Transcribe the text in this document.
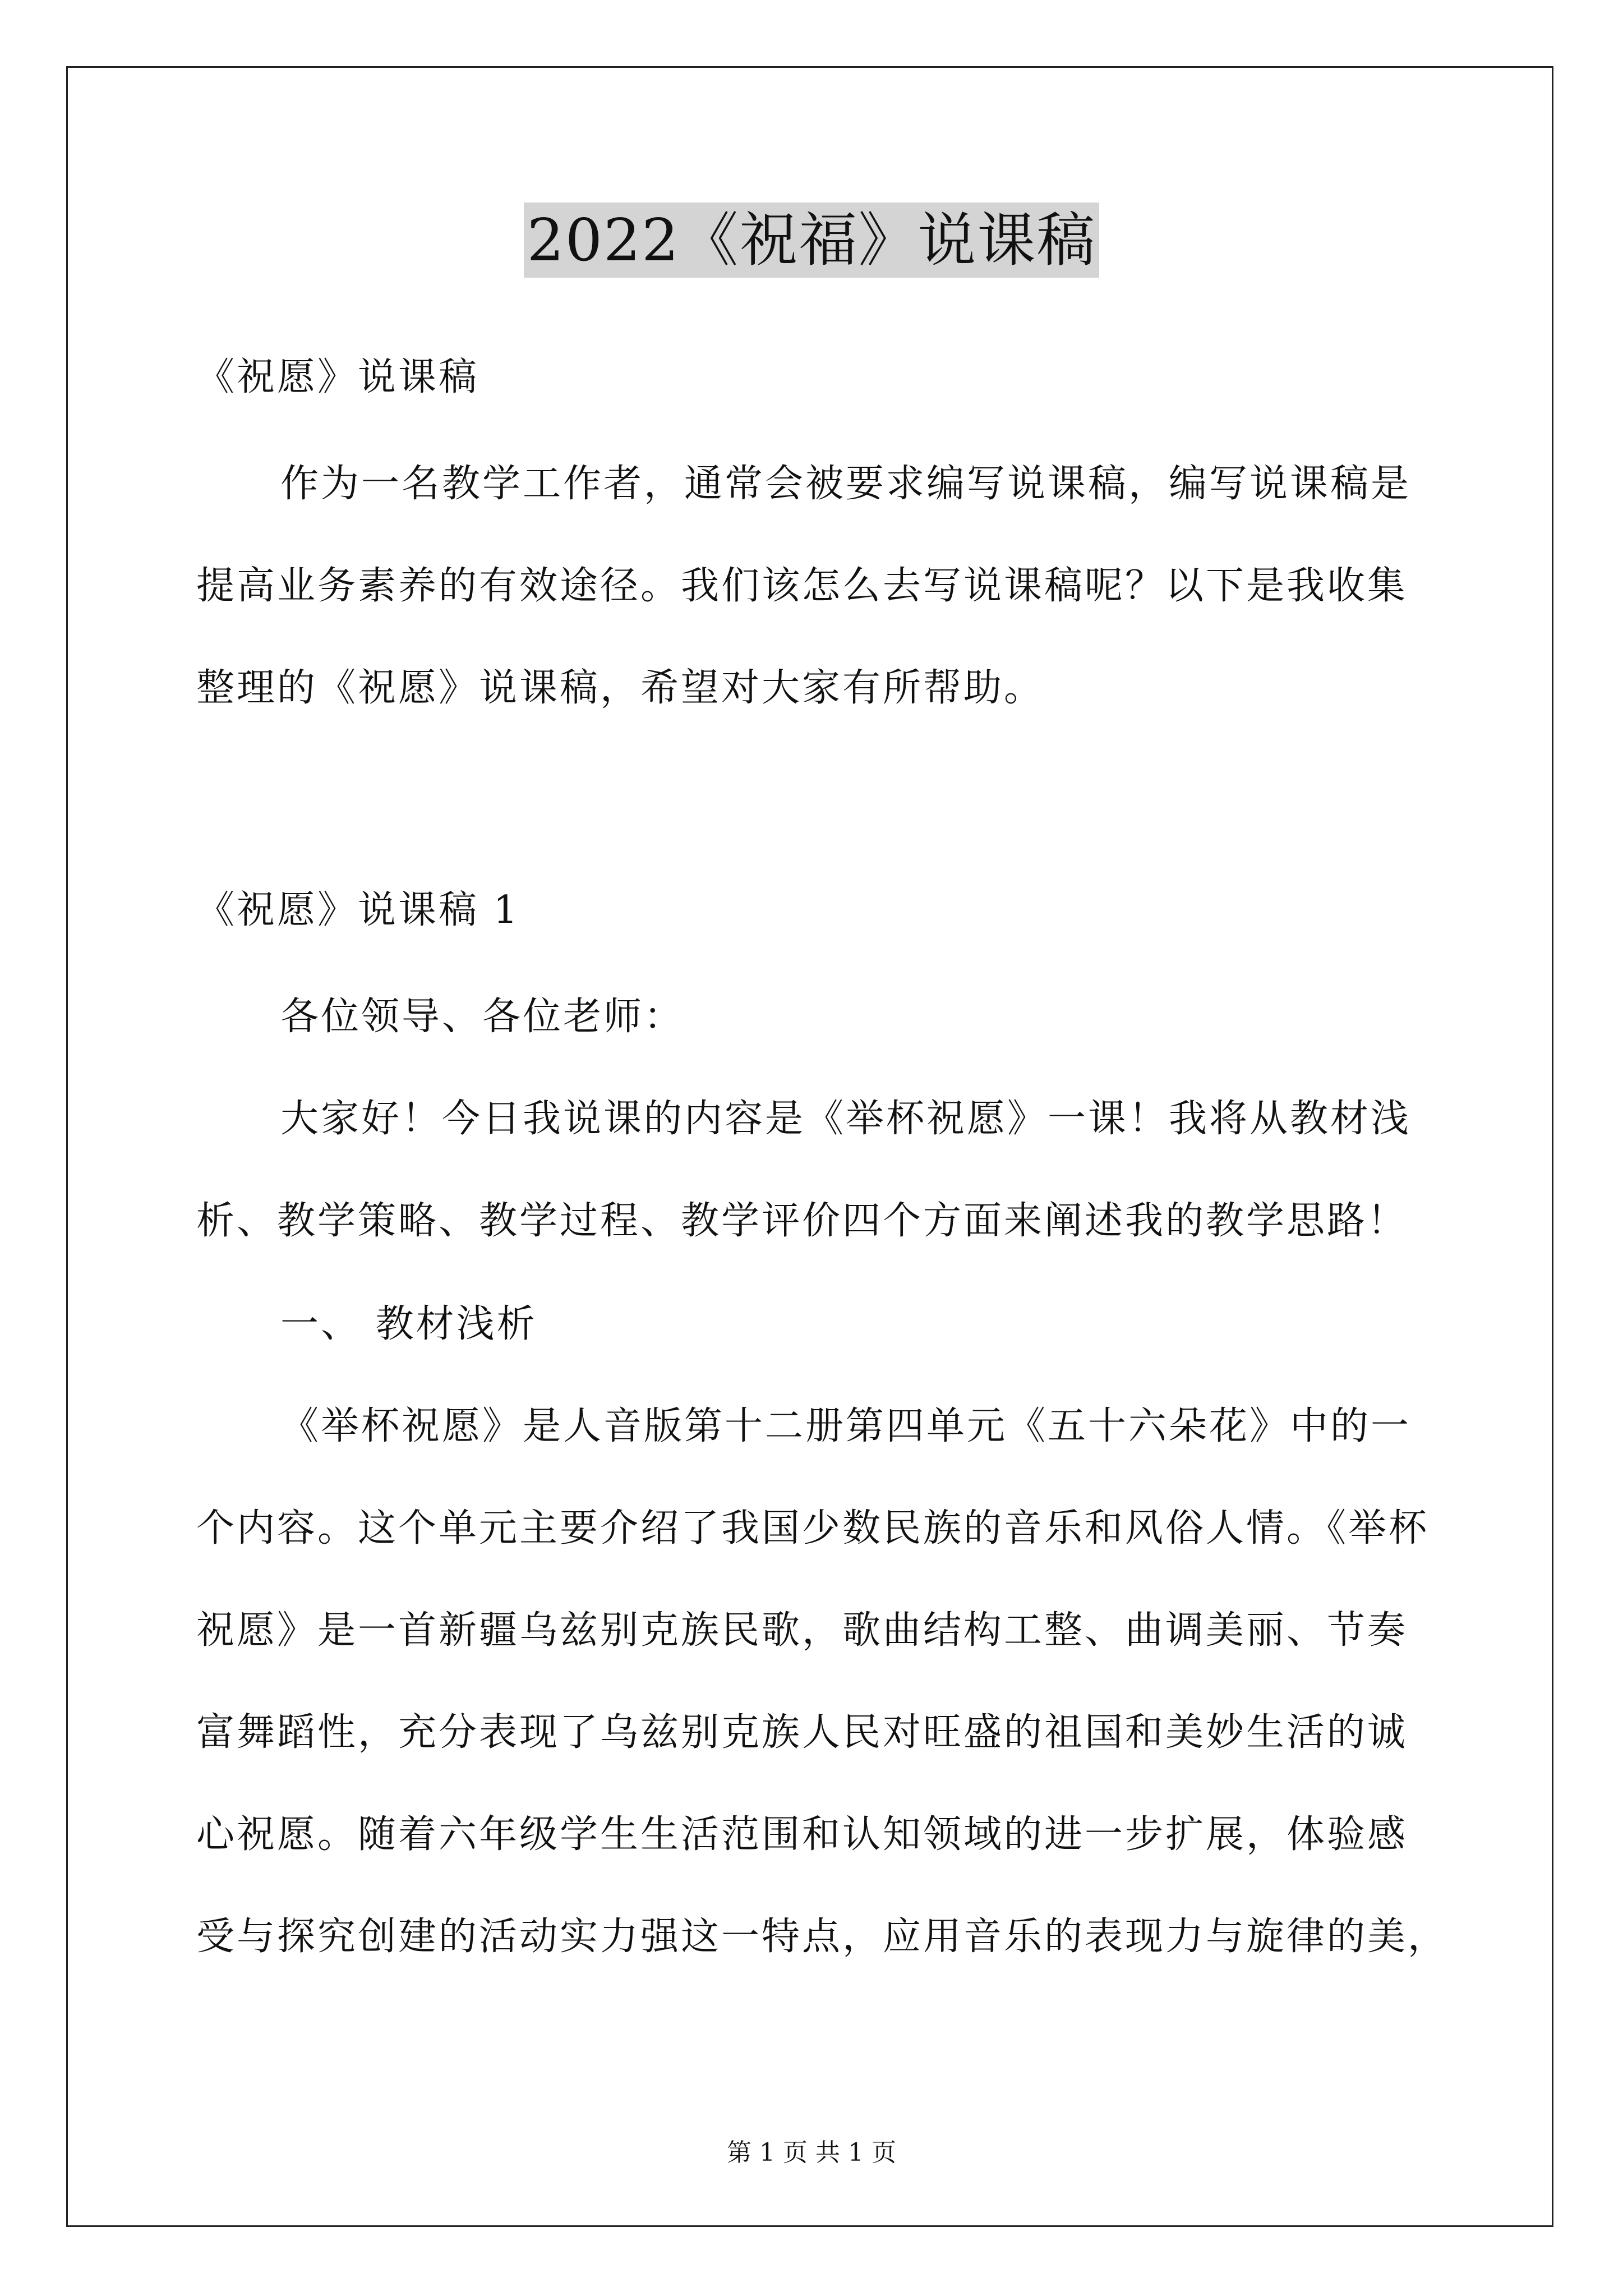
2022《祝福》说课稿
《祝愿》说课稿
作为一名教学工作者，通常会被要求编写说课稿，编写说课稿是
提高业务素养的有效途径。我们该怎么去写说课稿呢？以下是我收集
整理的《祝愿》说课稿，希望对大家有所帮助。
《祝愿》说课稿 1
各位领导、各位老师：
大家好！今日我说课的内容是《举杯祝愿》一课！我将从教材浅
析、教学策略、教学过程、教学评价四个方面来阐述我的教学思路！
一、 教材浅析
《举杯祝愿》是人音版第十二册第四单元《五十六朵花》中的一
个内容。这个单元主要介绍了我国少数民族的音乐和风俗人情。《举杯
祝愿》是一首新疆乌兹别克族民歌，歌曲结构工整、曲调美丽、节奏
富舞蹈性，充分表现了乌兹别克族人民对旺盛的祖国和美妙生活的诚
心祝愿。随着六年级学生生活范围和认知领域的进一步扩展，体验感
受与探究创建的活动实力强这一特点，应用音乐的表现力与旋律的美，
第 1 页 共 1 页
